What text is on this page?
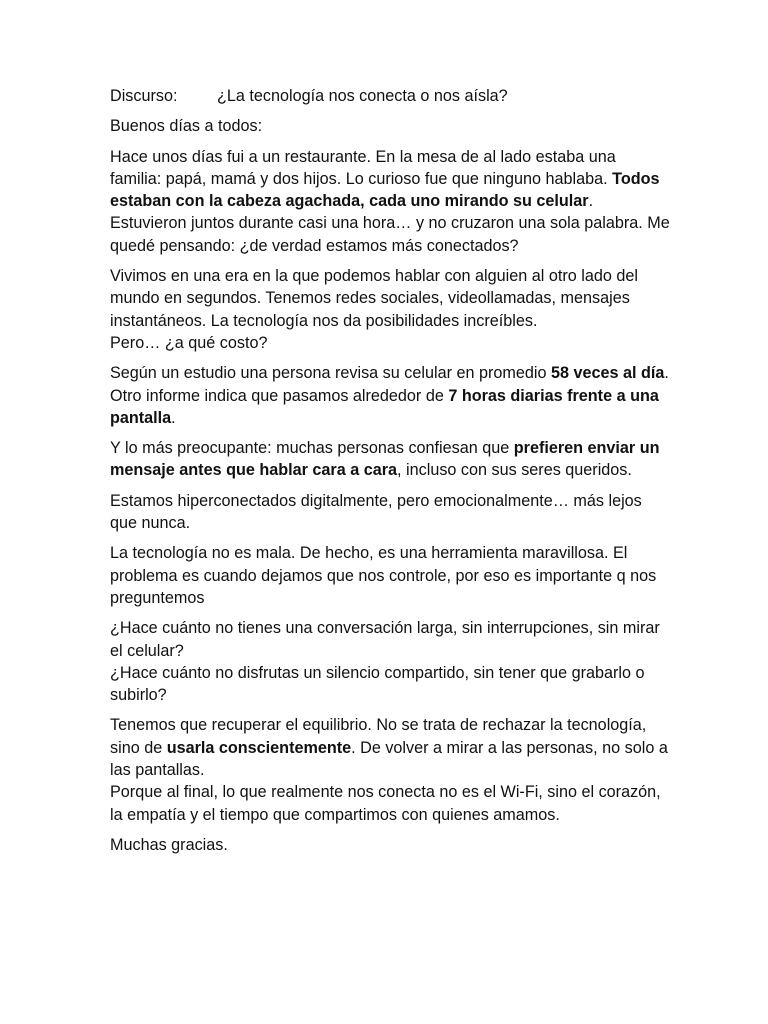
Discurso:	¿La tecnología nos conecta o nos aísla?

Buenos días a todos:

Hace unos días fui a un restaurante. En la mesa de al lado estaba una familia: papá, mamá y dos hijos. Lo curioso fue que ninguno hablaba. Todos estaban con la cabeza agachada, cada uno mirando su celular. Estuvieron juntos durante casi una hora… y no cruzaron una sola palabra. Me quedé pensando: ¿de verdad estamos más conectados?

Vivimos en una era en la que podemos hablar con alguien al otro lado del mundo en segundos. Tenemos redes sociales, videollamadas, mensajes instantáneos. La tecnología nos da posibilidades increíbles.
Pero… ¿a qué costo?

Según un estudio una persona revisa su celular en promedio 58 veces al día. Otro informe indica que pasamos alrededor de 7 horas diarias frente a una pantalla.

Y lo más preocupante: muchas personas confiesan que prefieren enviar un mensaje antes que hablar cara a cara, incluso con sus seres queridos.

Estamos hiperconectados digitalmente, pero emocionalmente… más lejos que nunca.

La tecnología no es mala. De hecho, es una herramienta maravillosa. El problema es cuando dejamos que nos controle, por eso es importante q nos preguntemos

¿Hace cuánto no tienes una conversación larga, sin interrupciones, sin mirar el celular?
¿Hace cuánto no disfrutas un silencio compartido, sin tener que grabarlo o subirlo?

Tenemos que recuperar el equilibrio. No se trata de rechazar la tecnología, sino de usarla conscientemente. De volver a mirar a las personas, no solo a las pantallas.
Porque al final, lo que realmente nos conecta no es el Wi-Fi, sino el corazón, la empatía y el tiempo que compartimos con quienes amamos.

Muchas gracias.
